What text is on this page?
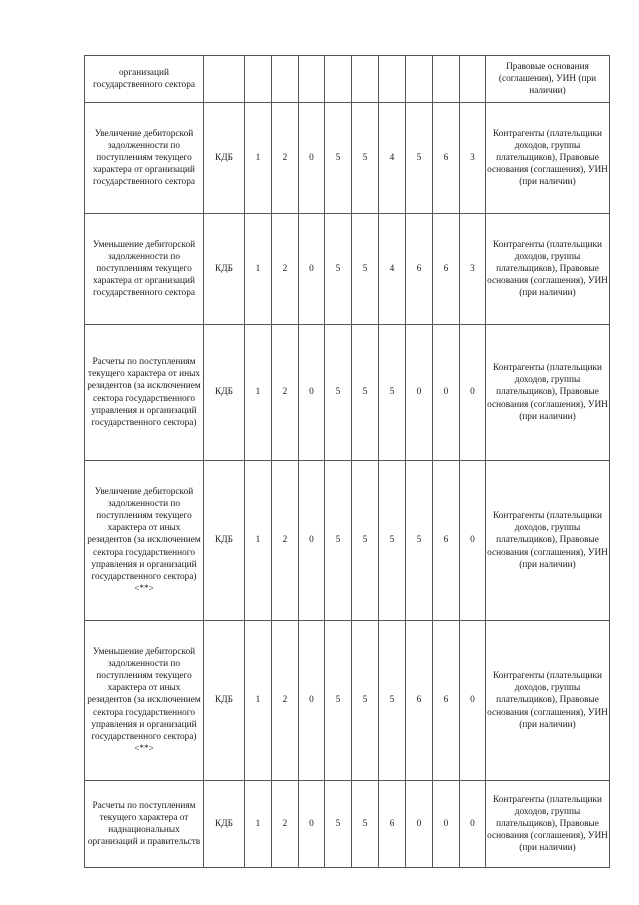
организаций государственного сектора											Правовые основания (соглашения), УИН (при наличии)
Увеличение дебиторской задолженности по поступлениям текущего характера от организаций государственного сектора	КДБ	1	2	0	5	5	4	5	6	3	Контрагенты (плательщики доходов, группы плательщиков), Правовые основания (соглашения), УИН (при наличии)
Уменьшение дебиторской задолженности по поступлениям текущего характера от организаций государственного сектора	КДБ	1	2	0	5	5	4	6	6	3	Контрагенты (плательщики доходов, группы плательщиков), Правовые основания (соглашения), УИН (при наличии)
Расчеты по поступлениям текущего характера от иных резидентов (за исключением сектора государственного управления и организаций государственного сектора)	КДБ	1	2	0	5	5	5	0	0	0	Контрагенты (плательщики доходов, группы плательщиков), Правовые основания (соглашения), УИН (при наличии)
Увеличение дебиторской задолженности по поступлениям текущего характера от иных резидентов (за исключением сектора государственного управления и организаций государственного сектора) <**>	КДБ	1	2	0	5	5	5	5	6	0	Контрагенты (плательщики доходов, группы плательщиков), Правовые основания (соглашения), УИН (при наличии)
Уменьшение дебиторской задолженности по поступлениям текущего характера от иных резидентов (за исключением сектора государственного управления и организаций государственного сектора) <**>	КДБ	1	2	0	5	5	5	6	6	0	Контрагенты (плательщики доходов, группы плательщиков), Правовые основания (соглашения), УИН (при наличии)
Расчеты по поступлениям текущего характера от наднациональных организаций и правительств	КДБ	1	2	0	5	5	6	0	0	0	Контрагенты (плательщики доходов, группы плательщиков), Правовые основания (соглашения), УИН (при наличии)
